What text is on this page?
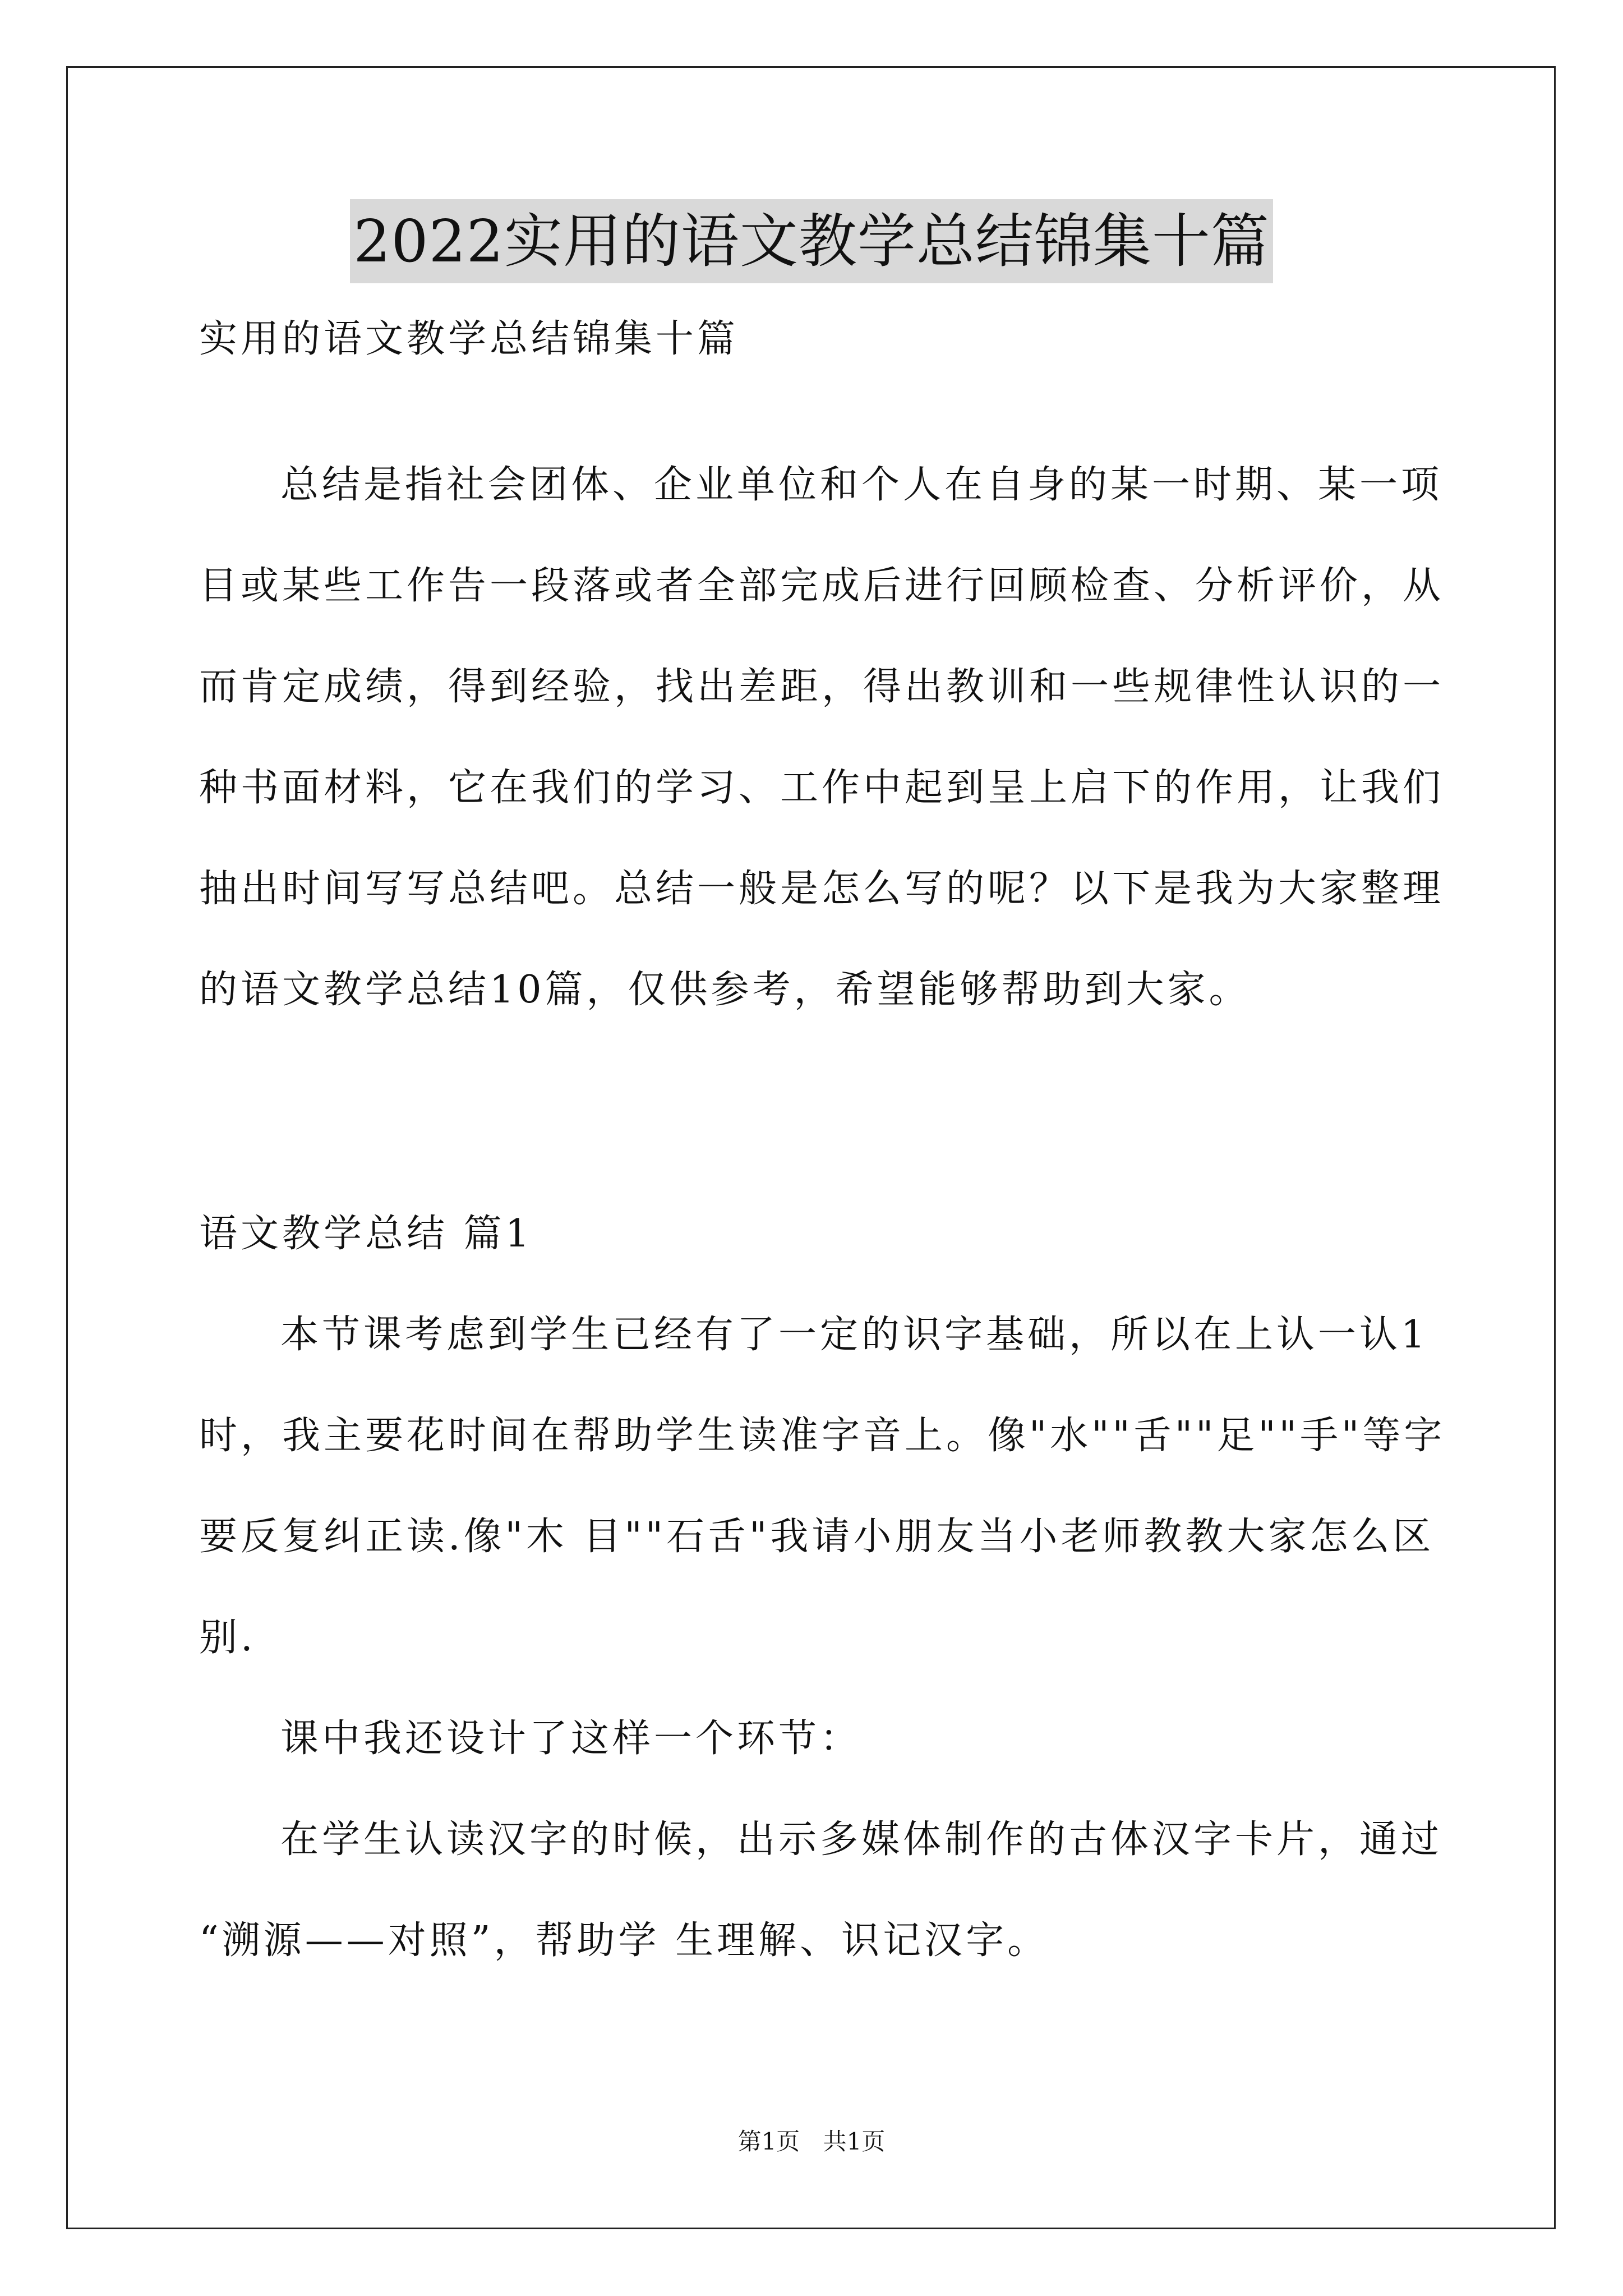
2022实用的语文教学总结锦集十篇
实用的语文教学总结锦集十篇
总结是指社会团体、企业单位和个人在自身的某一时期、某一项
目或某些工作告一段落或者全部完成后进行回顾检查、分析评价，从
而肯定成绩，得到经验，找出差距，得出教训和一些规律性认识的一
种书面材料，它在我们的学习、工作中起到呈上启下的作用，让我们
抽出时间写写总结吧。总结一般是怎么写的呢？以下是我为大家整理
的语文教学总结10篇，仅供参考，希望能够帮助到大家。
语文教学总结 篇1
本节课考虑到学生已经有了一定的识字基础，所以在上认一认1
时，我主要花时间在帮助学生读准字音上。像"水""舌""足""手"等字
要反复纠正读.像"木 目""石舌"我请小朋友当小老师教教大家怎么区
别.
课中我还设计了这样一个环节：
在学生认读汉字的时候，出示多媒体制作的古体汉字卡片，通过
“溯源——对照”，帮助学 生理解、识记汉字。
第1页 共1页
